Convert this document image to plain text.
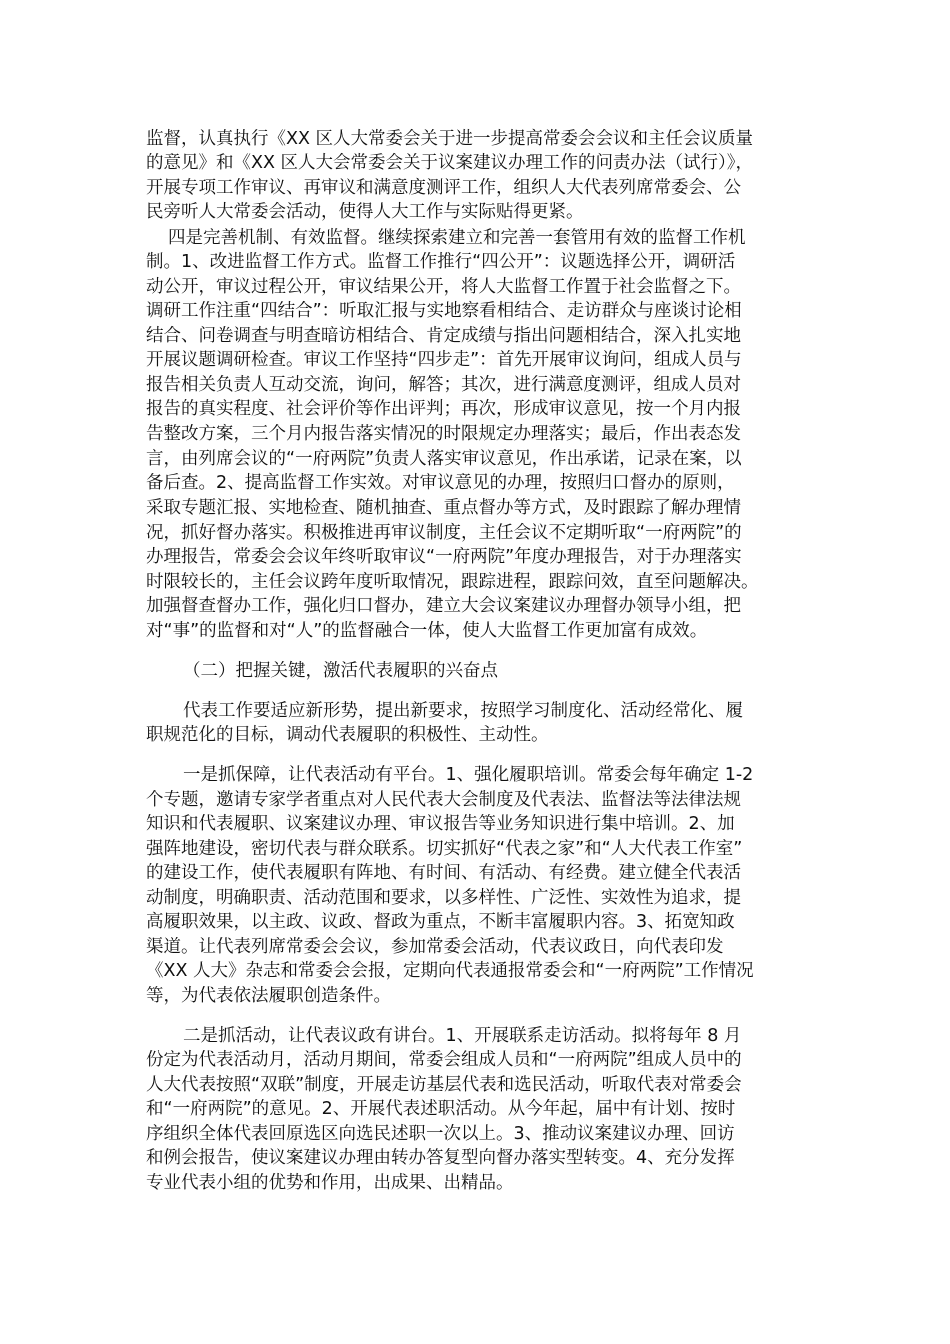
监督，认真执行《XX 区人大常委会关于进一步提高常委会会议和主任会议质量
的意见》和《XX 区人大会常委会关于议案建议办理工作的问责办法（试行）》，
开展专项工作审议、再审议和满意度测评工作，组织人大代表列席常委会、公
民旁听人大常委会活动，使得人大工作与实际贴得更紧。
四是完善机制、有效监督。继续探索建立和完善一套管用有效的监督工作机
制。1、改进监督工作方式。监督工作推行“四公开”：议题选择公开，调研活
动公开，审议过程公开，审议结果公开，将人大监督工作置于社会监督之下。
调研工作注重“四结合”：听取汇报与实地察看相结合、走访群众与座谈讨论相
结合、问卷调查与明查暗访相结合、肯定成绩与指出问题相结合，深入扎实地
开展议题调研检查。审议工作坚持“四步走”：首先开展审议询问，组成人员与
报告相关负责人互动交流，询问，解答；其次，进行满意度测评，组成人员对
报告的真实程度、社会评价等作出评判；再次，形成审议意见，按一个月内报
告整改方案，三个月内报告落实情况的时限规定办理落实；最后，作出表态发
言，由列席会议的“一府两院”负责人落实审议意见，作出承诺，记录在案，以
备后查。2、提高监督工作实效。对审议意见的办理，按照归口督办的原则，
采取专题汇报、实地检查、随机抽查、重点督办等方式，及时跟踪了解办理情
况，抓好督办落实。积极推进再审议制度，主任会议不定期听取“一府两院”的
办理报告，常委会会议年终听取审议“一府两院”年度办理报告，对于办理落实
时限较长的，主任会议跨年度听取情况，跟踪进程，跟踪问效，直至问题解决。
加强督查督办工作，强化归口督办，建立大会议案建议办理督办领导小组，把
对“事”的监督和对“人”的监督融合一体，使人大监督工作更加富有成效。
（二）把握关键，激活代表履职的兴奋点
代表工作要适应新形势，提出新要求，按照学习制度化、活动经常化、履
职规范化的目标，调动代表履职的积极性、主动性。
一是抓保障，让代表活动有平台。1、强化履职培训。常委会每年确定 1-2
个专题，邀请专家学者重点对人民代表大会制度及代表法、监督法等法律法规
知识和代表履职、议案建议办理、审议报告等业务知识进行集中培训。2、加
强阵地建设，密切代表与群众联系。切实抓好“代表之家”和“人大代表工作室”
的建设工作，使代表履职有阵地、有时间、有活动、有经费。建立健全代表活
动制度，明确职责、活动范围和要求，以多样性、广泛性、实效性为追求，提
高履职效果，以主政、议政、督政为重点，不断丰富履职内容。3、拓宽知政
渠道。让代表列席常委会会议，参加常委会活动，代表议政日，向代表印发
《XX 人大》杂志和常委会会报，定期向代表通报常委会和“一府两院”工作情况
等，为代表依法履职创造条件。
二是抓活动，让代表议政有讲台。1、开展联系走访活动。拟将每年 8 月
份定为代表活动月，活动月期间，常委会组成人员和“一府两院”组成人员中的
人大代表按照“双联”制度，开展走访基层代表和选民活动，听取代表对常委会
和“一府两院”的意见。2、开展代表述职活动。从今年起，届中有计划、按时
序组织全体代表回原选区向选民述职一次以上。3、推动议案建议办理、回访
和例会报告，使议案建议办理由转办答复型向督办落实型转变。4、充分发挥
专业代表小组的优势和作用，出成果、出精品。
